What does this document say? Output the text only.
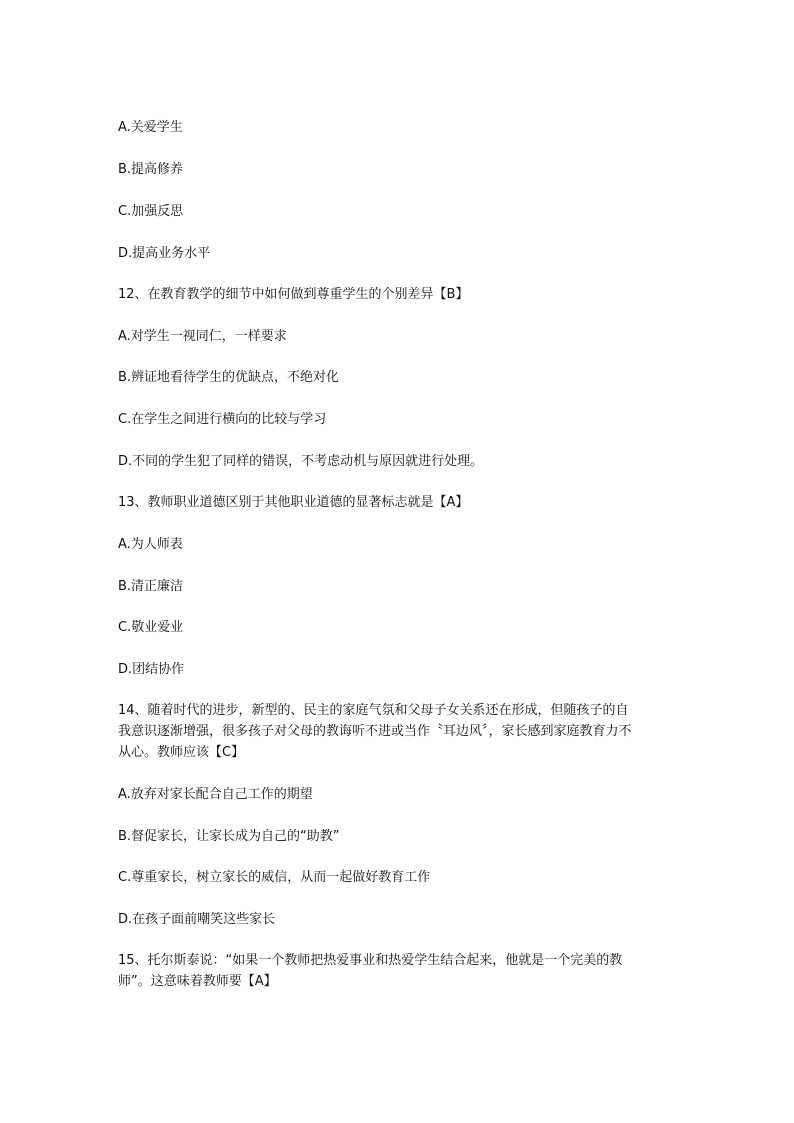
A.关爱学生
B.提高修养
C.加强反思
D.提高业务水平
12、在教育教学的细节中如何做到尊重学生的个别差异【B】
A.对学生一视同仁，一样要求
B.辨证地看待学生的优缺点，不绝对化
C.在学生之间进行横向的比较与学习
D.不同的学生犯了同样的错误，不考虑动机与原因就进行处理。
13、教师职业道德区别于其他职业道德的显著标志就是【A】
A.为人师表
B.清正廉洁
C.敬业爱业
D.团结协作
14、随着时代的进步，新型的、民主的家庭气氛和父母子女关系还在形成，但随孩子的自
我意识逐渐增强，很多孩子对父母的教诲听不进或当作〝耳边风〞，家长感到家庭教育力不
从心。教师应该【C】
A.放弃对家长配合自己工作的期望
B.督促家长，让家长成为自己的“助教”
C.尊重家长，树立家长的威信，从而一起做好教育工作
D.在孩子面前嘲笑这些家长
15、托尔斯泰说：“如果一个教师把热爱事业和热爱学生结合起来，他就是一个完美的教
师”。这意味着教师要【A】
